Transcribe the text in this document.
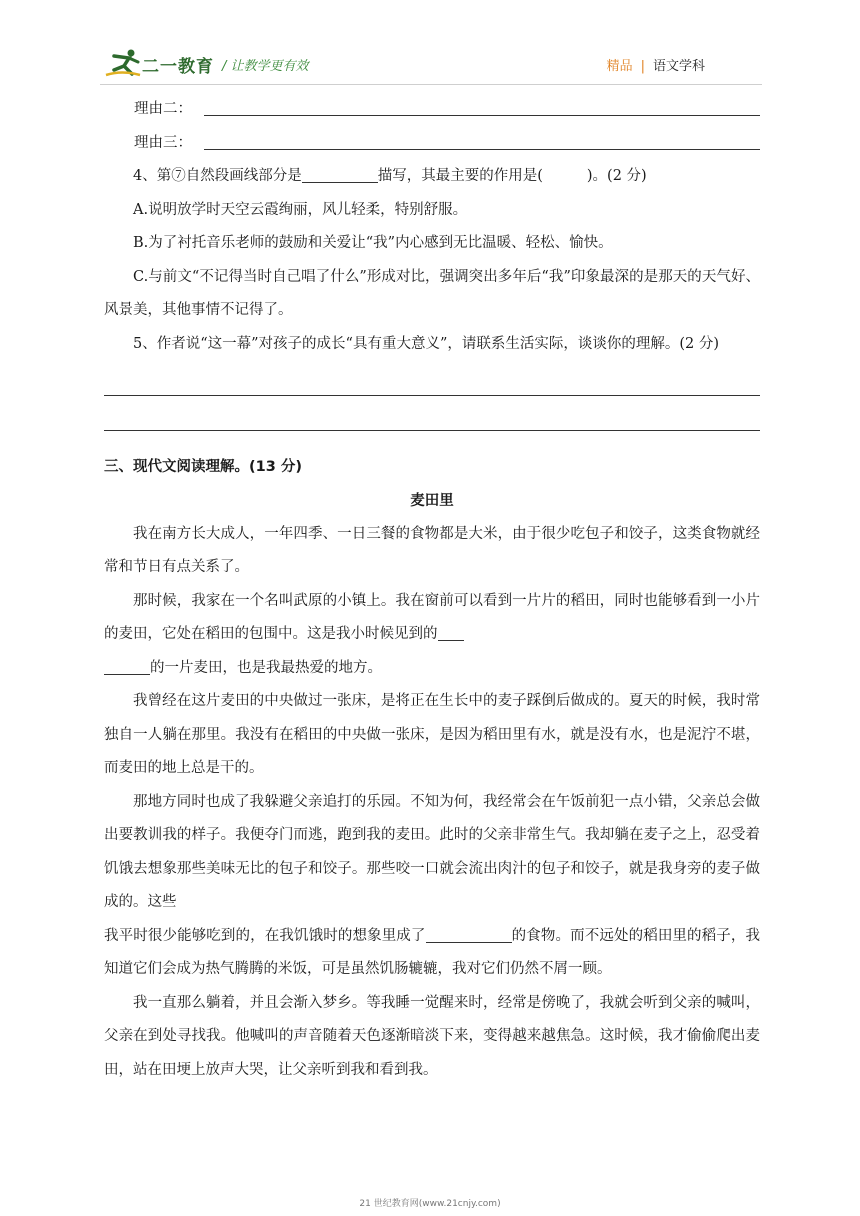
二一教育 / 让教学更有效	精品 | 语文学科
理由二：
理由三：

4、第⑦自然段画线部分是	描写，其最主要的作用是(	)。(2 分)

A.说明放学时天空云霞绚丽，风儿轻柔，特别舒服。

B.为了衬托音乐老师的鼓励和关爱让“我”内心感到无比温暖、轻松、愉快。

C.与前文“不记得当时自己唱了什么”形成对比，强调突出多年后“我”印象最深的是那天的天气好、风景美，其他事情不记得了。

5、作者说“这一幕”对孩子的成长“具有重大意义”，请联系生活实际，谈谈你的理解。(2 分)

三、现代文阅读理解。(13 分)
麦田里

我在南方长大成人，一年四季、一日三餐的食物都是大米，由于很少吃包子和饺子，这类食物就经常和节日有点关系了。

那时候，我家在一个名叫武原的小镇上。我在窗前可以看到一片片的稻田，同时也能够看到一小片的麦田，它处在稻田的包围中。这是我小时候见到的

的一片麦田，也是我最热爱的地方。

我曾经在这片麦田的中央做过一张床，是将正在生长中的麦子踩倒后做成的。夏天的时候，我时常独自一人躺在那里。我没有在稻田的中央做一张床，是因为稻田里有水，就是没有水，也是泥泞不堪，而麦田的地上总是干的。

那地方同时也成了我躲避父亲追打的乐园。不知为何，我经常会在午饭前犯一点小错，父亲总会做出要教训我的样子。我便夺门而逃，跑到我的麦田。此时的父亲非常生气。我却躺在麦子之上，忍受着饥饿去想象那些美味无比的包子和饺子。那些咬一口就会流出肉汁的包子和饺子，就是我身旁的麦子做成的。这些

我平时很少能够吃到的，在我饥饿时的想象里成了	的食物。而不远处的稻田里的稻子，我知道它们会成为热气腾腾的米饭，可是虽然饥肠辘辘，我对它们仍然不屑一顾。

我一直那么躺着，并且会渐入梦乡。等我睡一觉醒来时，经常是傍晚了，我就会听到父亲的喊叫，父亲在到处寻找我。他喊叫的声音随着天色逐渐暗淡下来，变得越来越焦急。这时候，我才偷偷爬出麦田，站在田埂上放声大哭，让父亲听到我和看到我。

21 世纪教育网(www.21cnjy.com)
